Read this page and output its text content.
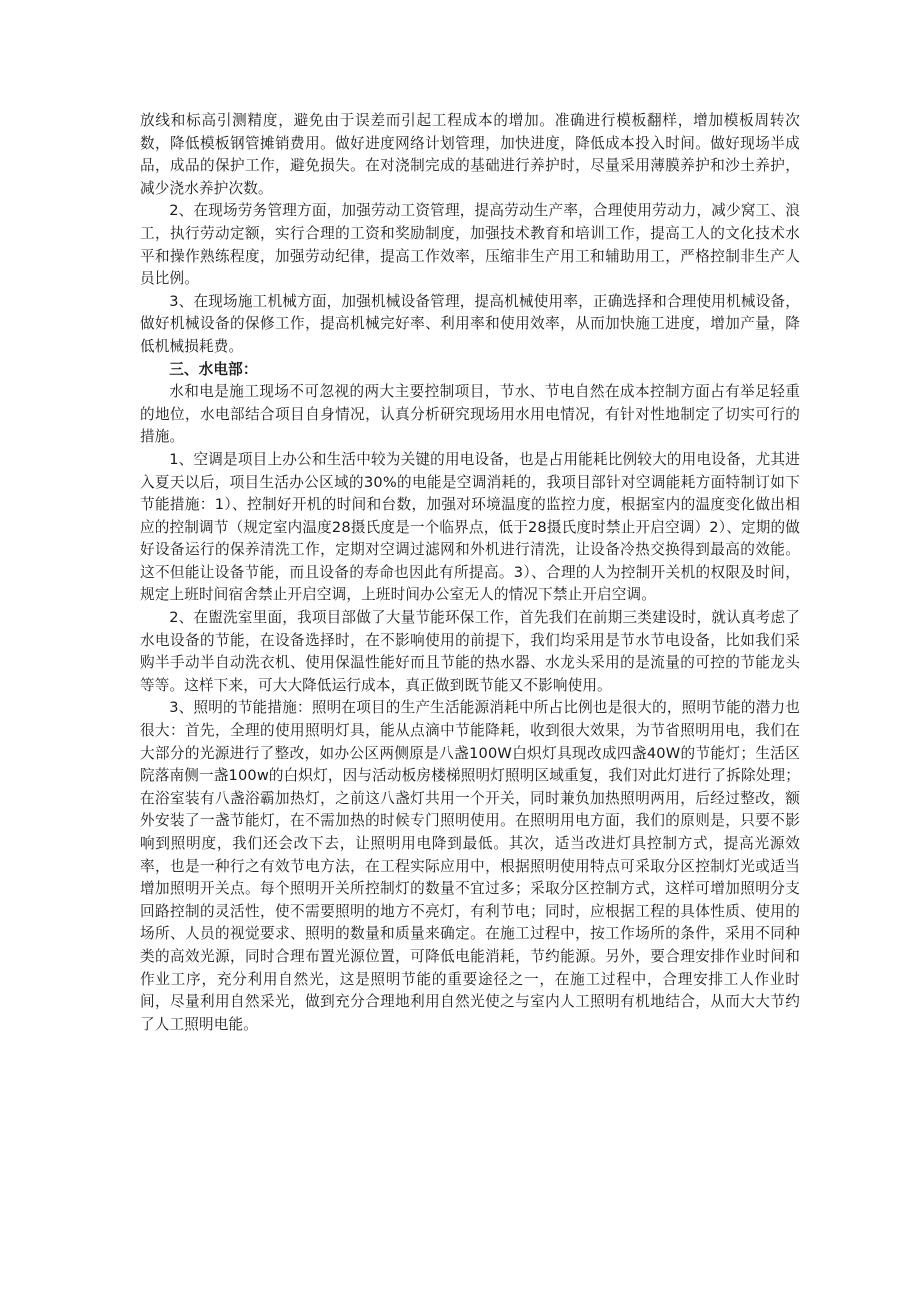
放线和标高引测精度，避免由于误差而引起工程成本的增加。准确进行模板翻样，增加模板周转次数，降低模板钢管摊销费用。做好进度网络计划管理，加快进度，降低成本投入时间。做好现场半成品，成品的保护工作，避免损失。在对浇制完成的基础进行养护时，尽量采用薄膜养护和沙土养护，减少浇水养护次数。

2、在现场劳务管理方面，加强劳动工资管理，提高劳动生产率，合理使用劳动力，减少窝工、浪工，执行劳动定额，实行合理的工资和奖励制度，加强技术教育和培训工作，提高工人的文化技术水平和操作熟练程度，加强劳动纪律，提高工作效率，压缩非生产用工和辅助用工，严格控制非生产人员比例。

3、在现场施工机械方面，加强机械设备管理，提高机械使用率，正确选择和合理使用机械设备，做好机械设备的保修工作，提高机械完好率、利用率和使用效率，从而加快施工进度，增加产量，降低机械损耗费。

三、水电部：

水和电是施工现场不可忽视的两大主要控制项目，节水、节电自然在成本控制方面占有举足轻重的地位，水电部结合项目自身情况，认真分析研究现场用水用电情况，有针对性地制定了切实可行的措施。

1、空调是项目上办公和生活中较为关键的用电设备，也是占用能耗比例较大的用电设备，尤其进入夏天以后，项目生活办公区域的30%的电能是空调消耗的，我项目部针对空调能耗方面特制订如下节能措施：1）、控制好开机的时间和台数，加强对环境温度的监控力度，根据室内的温度变化做出相应的控制调节（规定室内温度28摄氏度是一个临界点，低于28摄氏度时禁止开启空调）2）、定期的做好设备运行的保养清洗工作，定期对空调过滤网和外机进行清洗，让设备冷热交换得到最高的效能。这不但能让设备节能，而且设备的寿命也因此有所提高。3）、合理的人为控制开关机的权限及时间，规定上班时间宿舍禁止开启空调，上班时间办公室无人的情况下禁止开启空调。

2、在盥洗室里面，我项目部做了大量节能环保工作，首先我们在前期三类建设时，就认真考虑了水电设备的节能，在设备选择时，在不影响使用的前提下，我们均采用是节水节电设备，比如我们采购半手动半自动洗衣机、使用保温性能好而且节能的热水器、水龙头采用的是流量的可控的节能龙头等等。这样下来，可大大降低运行成本，真正做到既节能又不影响使用。

3、照明的节能措施：照明在项目的生产生活能源消耗中所占比例也是很大的，照明节能的潜力也很大：首先，全理的使用照明灯具，能从点滴中节能降耗，收到很大效果，为节省照明用电，我们在大部分的光源进行了整改，如办公区两侧原是八盏100W白炽灯具现改成四盏40W的节能灯；生活区院落南侧一盏100w的白炽灯，因与活动板房楼梯照明灯照明区域重复，我们对此灯进行了拆除处理；在浴室装有八盏浴霸加热灯，之前这八盏灯共用一个开关，同时兼负加热照明两用，后经过整改，额外安装了一盏节能灯，在不需加热的时候专门照明使用。在照明用电方面，我们的原则是，只要不影响到照明度，我们还会改下去，让照明用电降到最低。其次，适当改进灯具控制方式，提高光源效率，也是一种行之有效节电方法，在工程实际应用中，根据照明使用特点可采取分区控制灯光或适当增加照明开关点。每个照明开关所控制灯的数量不宜过多；采取分区控制方式，这样可增加照明分支回路控制的灵活性，使不需要照明的地方不亮灯，有利节电；同时，应根据工程的具体性质、使用的场所、人员的视觉要求、照明的数量和质量来确定。在施工过程中，按工作场所的条件，采用不同种类的高效光源，同时合理布置光源位置，可降低电能消耗，节约能源。另外，要合理安排作业时间和作业工序，充分利用自然光，这是照明节能的重要途径之一，在施工过程中，合理安排工人作业时间，尽量利用自然采光，做到充分合理地利用自然光使之与室内人工照明有机地结合，从而大大节约了人工照明电能。
